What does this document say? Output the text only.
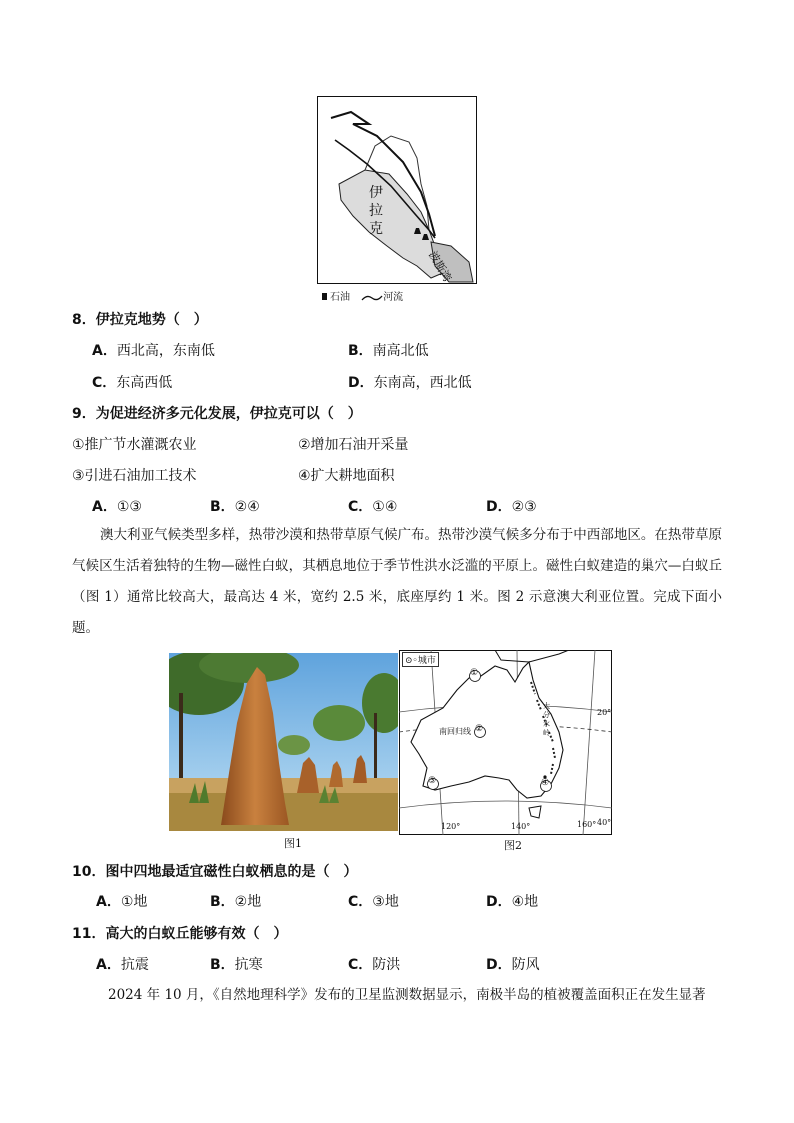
伊
拉
克
波斯湾
石油	河流
8．伊拉克地势（　）
A．西北高，东南低	B．南高北低
C．东高西低	D．东南高，西北低
9．为促进经济多元化发展，伊拉克可以（　）
①推广节水灌溉农业	②增加石油开采量
③引进石油加工技术	④扩大耕地面积
A．①③	B．②④	C．①④	D．②③
澳大利亚气候类型多样，热带沙漠和热带草原气候广布。热带沙漠气候多分布于中西部地区。在热带草原气候区生活着独特的生物—磁性白蚁，其栖息地位于季节性洪水泛滥的平原上。磁性白蚁建造的巢穴—白蚁丘（图 1）通常比较高大，最高达 4 米，宽约 2.5 米，底座厚约 1 米。图 2 示意澳大利亚位置。完成下面小题。
图1
⊙◦城市
①
南回归线 ②
③	④
大分水岭
20°
40°
120°	140°	160°
图2
10．图中四地最适宜磁性白蚁栖息的是（　）
A．①地	B．②地	C．③地	D．④地
11．高大的白蚁丘能够有效（　）
A．抗震	B．抗寒	C．防洪	D．防风
2024 年 10 月，《自然地理科学》发布的卫星监测数据显示，南极半岛的植被覆盖面积正在发生显著
